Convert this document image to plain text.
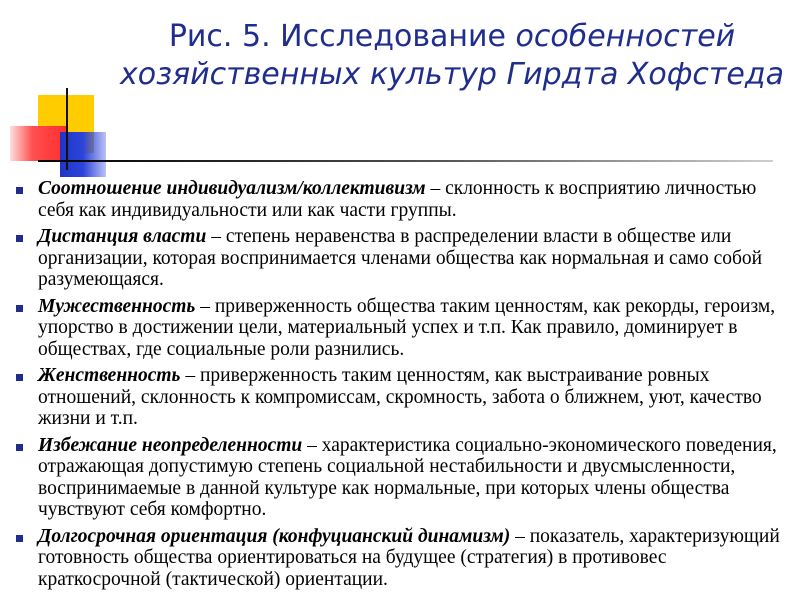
Рис. 5. Исследование особенностей хозяйственных культур Гирдта Хофстеда
Соотношение индивидуализм/коллективизм – склонность к восприятию личностью себя как индивидуальности или как части группы.
Дистанция власти – степень неравенства в распределении власти в обществе или организации, которая воспринимается членами общества как нормальная и само собой разумеющаяся.
Мужественность – приверженность общества таким ценностям, как рекорды, героизм, упорство в достижении цели, материальный успех и т.п. Как правило, доминирует в обществах, где социальные роли разнились.
Женственность – приверженность таким ценностям, как выстраивание ровных отношений, склонность к компромиссам, скромность, забота о ближнем, уют, качество жизни и т.п.
Избежание неопределенности – характеристика социально-экономического поведения, отражающая допустимую степень социальной нестабильности и двусмысленности, воспринимаемые в данной культуре как нормальные, при которых члены общества чувствуют себя комфортно.
Долгосрочная ориентация (конфуцианский динамизм) – показатель, характеризующий готовность общества ориентироваться на будущее (стратегия) в противовес краткосрочной (тактической) ориентации.
